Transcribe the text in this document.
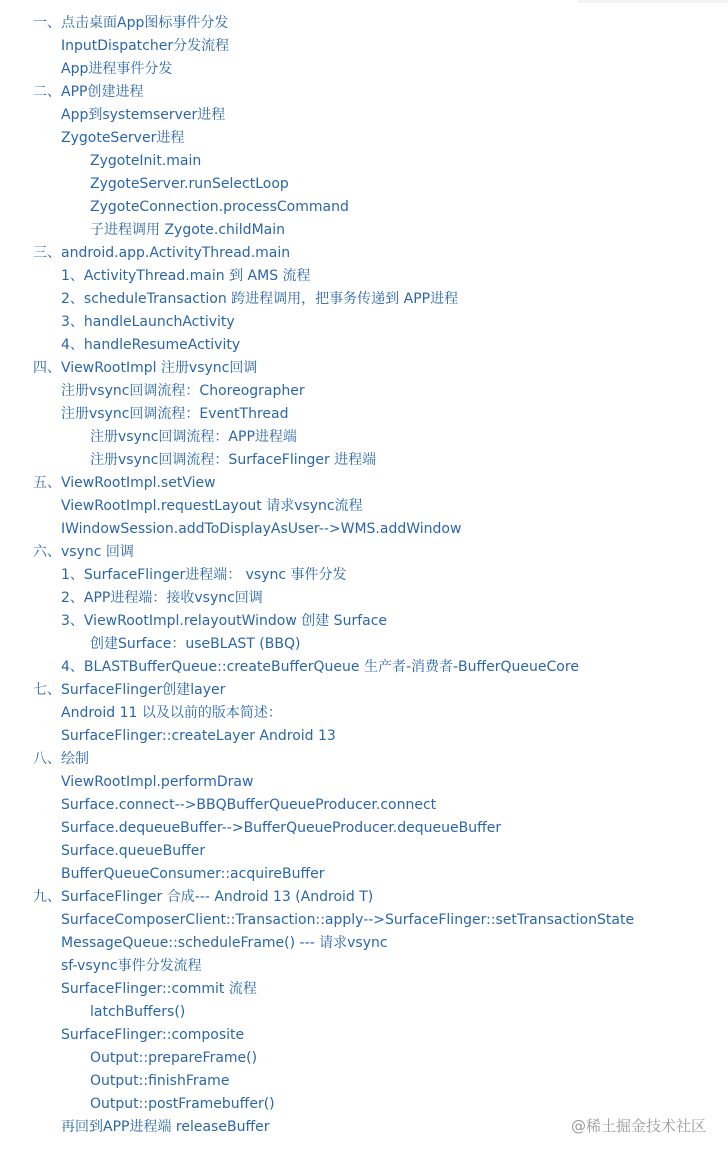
一、点击桌面App图标事件分发
InputDispatcher分发流程
App进程事件分发
二、APP创建进程
App到systemserver进程
ZygoteServer进程
ZygoteInit.main
ZygoteServer.runSelectLoop
ZygoteConnection.processCommand
子进程调用 Zygote.childMain
三、android.app.ActivityThread.main
1、ActivityThread.main 到 AMS 流程
2、scheduleTransaction 跨进程调用，把事务传递到 APP进程
3、handleLaunchActivity
4、handleResumeActivity
四、ViewRootImpl 注册vsync回调
注册vsync回调流程：Choreographer
注册vsync回调流程：EventThread
注册vsync回调流程：APP进程端
注册vsync回调流程：SurfaceFlinger 进程端
五、ViewRootImpl.setView
ViewRootImpl.requestLayout 请求vsync流程
IWindowSession.addToDisplayAsUser-->WMS.addWindow
六、vsync 回调
1、SurfaceFlinger进程端： vsync 事件分发
2、APP进程端：接收vsync回调
3、ViewRootImpl.relayoutWindow 创建 Surface
创建Surface：useBLAST (BBQ)
4、BLASTBufferQueue::createBufferQueue 生产者-消费者-BufferQueueCore
七、SurfaceFlinger创建layer
Android 11 以及以前的版本简述：
SurfaceFlinger::createLayer Android 13
八、绘制
ViewRootImpl.performDraw
Surface.connect-->BBQBufferQueueProducer.connect
Surface.dequeueBuffer-->BufferQueueProducer.dequeueBuffer
Surface.queueBuffer
BufferQueueConsumer::acquireBuffer
九、SurfaceFlinger 合成--- Android 13 (Android T)
SurfaceComposerClient::Transaction::apply-->SurfaceFlinger::setTransactionState
MessageQueue::scheduleFrame() --- 请求vsync
sf-vsync事件分发流程
SurfaceFlinger::commit 流程
latchBuffers()
SurfaceFlinger::composite
Output::prepareFrame()
Output::finishFrame
Output::postFramebuffer()
再回到APP进程端 releaseBuffer	@稀土掘金技术社区
